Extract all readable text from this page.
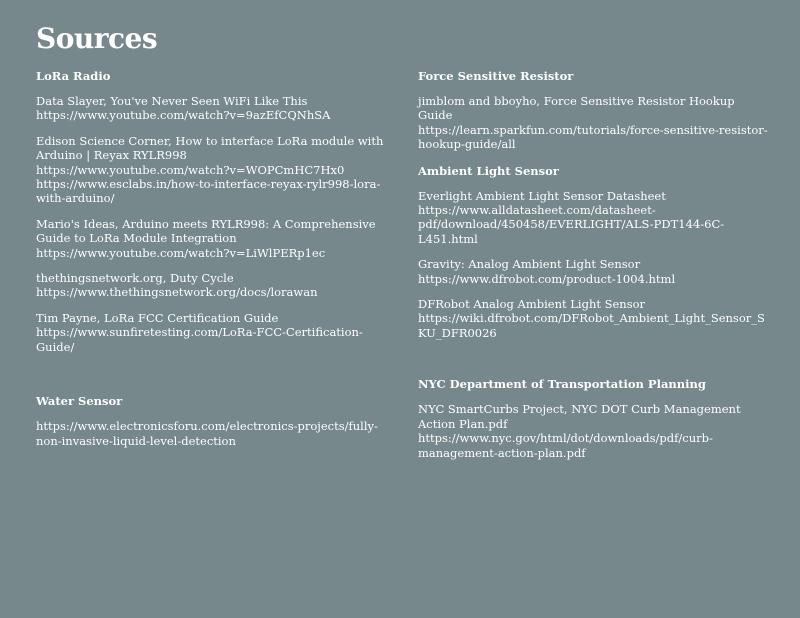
Sources
LoRa Radio
Data Slayer, You've Never Seen WiFi Like This
https://www.youtube.com/watch?v=9azEfCQNhSA
Edison Science Corner, How to interface LoRa module with Arduino | Reyax RYLR998
https://www.youtube.com/watch?v=WOPCmHC7Hx0
https://www.esclabs.in/how-to-interface-reyax-rylr998-lora-with-arduino/
Mario's Ideas, Arduino meets RYLR998: A Comprehensive Guide to LoRa Module Integration
https://www.youtube.com/watch?v=LiWlPERp1ec
thethingsnetwork.org, Duty Cycle
https://www.thethingsnetwork.org/docs/lorawan
Tim Payne, LoRa FCC Certification Guide
https://www.sunfiretesting.com/LoRa-FCC-Certification-Guide/
Water Sensor
https://www.electronicsforu.com/electronics-projects/fully-non-invasive-liquid-level-detection
Force Sensitive Resistor
jimblom and bboyho, Force Sensitive Resistor Hookup Guide
https://learn.sparkfun.com/tutorials/force-sensitive-resistor-hookup-guide/all
Ambient Light Sensor
Everlight Ambient Light Sensor Datasheet
https://www.alldatasheet.com/datasheet-pdf/download/450458/EVERLIGHT/ALS-PDT144-6C-L451.html
Gravity: Analog Ambient Light Sensor
https://www.dfrobot.com/product-1004.html
DFRobot Analog Ambient Light Sensor
https://wiki.dfrobot.com/DFRobot_Ambient_Light_Sensor_SKU_DFR0026
NYC Department of Transportation Planning
NYC SmartCurbs Project, NYC DOT Curb Management Action Plan.pdf
https://www.nyc.gov/html/dot/downloads/pdf/curb-management-action-plan.pdf
